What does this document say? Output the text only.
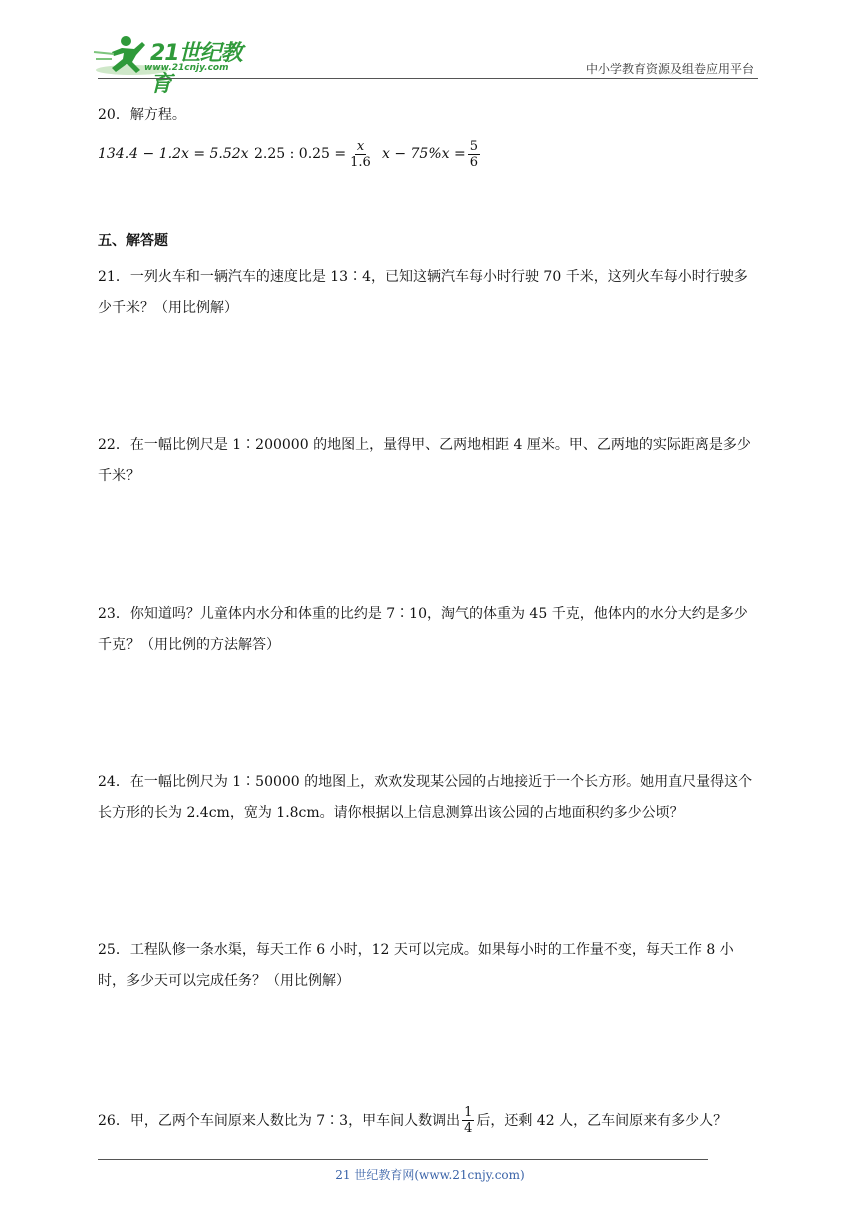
21世纪教育
www.21cnjy.com	中小学教育资源及组卷应用平台
20．解方程。
134.4 − 1.2x = 5.52x 2.25 : $0.25 = \frac{x}{1.6}$ $x - 75\%x = \frac{5}{6}$
五、解答题
21．一列火车和一辆汽车的速度比是 13∶4，已知这辆汽车每小时行驶 70 千米，这列火车每小时行驶多少千米？（用比例解）
22．在一幅比例尺是 1∶200000 的地图上，量得甲、乙两地相距 4 厘米。甲、乙两地的实际距离是多少千米？
23．你知道吗？儿童体内水分和体重的比约是 7∶10，淘气的体重为 45 千克，他体内的水分大约是多少千克？（用比例的方法解答）
24．在一幅比例尺为 1∶50000 的地图上，欢欢发现某公园的占地接近于一个长方形。她用直尺量得这个长方形的长为 2.4cm，宽为 1.8cm。请你根据以上信息测算出该公园的占地面积约多少公顷？
25．工程队修一条水渠，每天工作 6 小时，12 天可以完成。如果每小时的工作量不变，每天工作 8 小时，多少天可以完成任务？（用比例解）
26．甲，乙两个车间原来人数比为 7∶3，甲车间人数调出 $\frac{1}{4}$ 后，还剩 42 人，乙车间原来有多少人？
21 世纪教育网(www.21cnjy.com)
